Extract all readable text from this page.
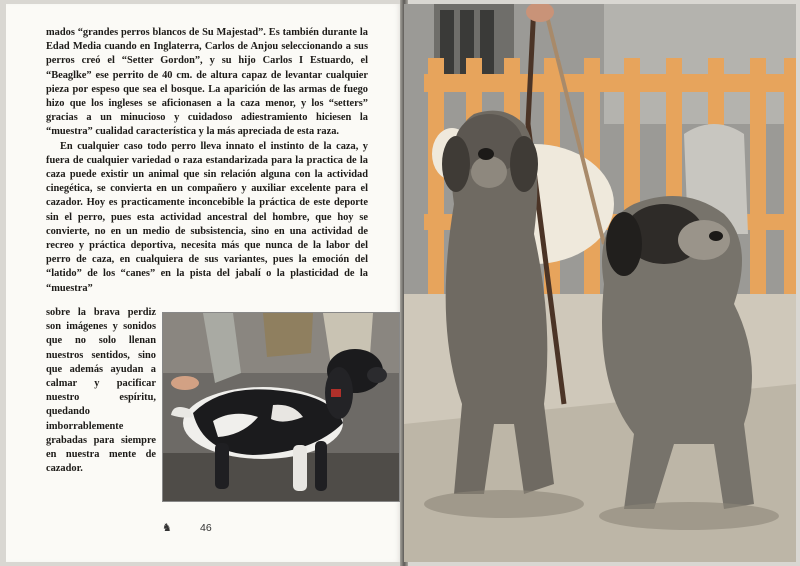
mados “grandes perros blancos de Su Majestad”. Es también durante la Edad Media cuando en Inglaterra, Carlos de Anjou seleccionando a sus perros creó el “Setter Gordon”, y su hijo Carlos I Estuardo, el “Beaglke” ese perrito de 40 cm. de altura capaz de levantar cualquier pieza por espeso que sea el bosque. La aparición de las armas de fuego hizo que los ingleses se aficionasen a la caza menor, y los “setters” gracias a un minucioso y cuidadoso adiestramiento hiciesen la “muestra” cualidad característica y la más apreciada de esta raza.

En cualquier caso todo perro lleva innato el instinto de la caza, y fuera de cualquier variedad o raza estandarizada para la practica de la caza puede existir un animal que sin relación alguna con la actividad cinegética, se convierta en un compañero y auxiliar excelente para el cazador. Hoy es practicamente inconcebible la práctica de este deporte sin el perro, pues esta actividad ancestral del hombre, que hoy se convierte, no en un medio de subsistencia, sino en una actividad de recreo y práctica deportiva, necesita más que nunca de la labor del perro de caza, en cualquiera de sus variantes, pues la emoción del “latido” de los “canes” en la pista del jabalí o la plasticidad de la “muestra”

sobre la brava perdiz son imágenes y sonidos que no solo llenan nuestros sentidos, sino que además ayudan a calmar y pacificar nuestro espíritu, quedando imborrablemente grabadas para siempre en nuestra mente de cazador.

♞	46
